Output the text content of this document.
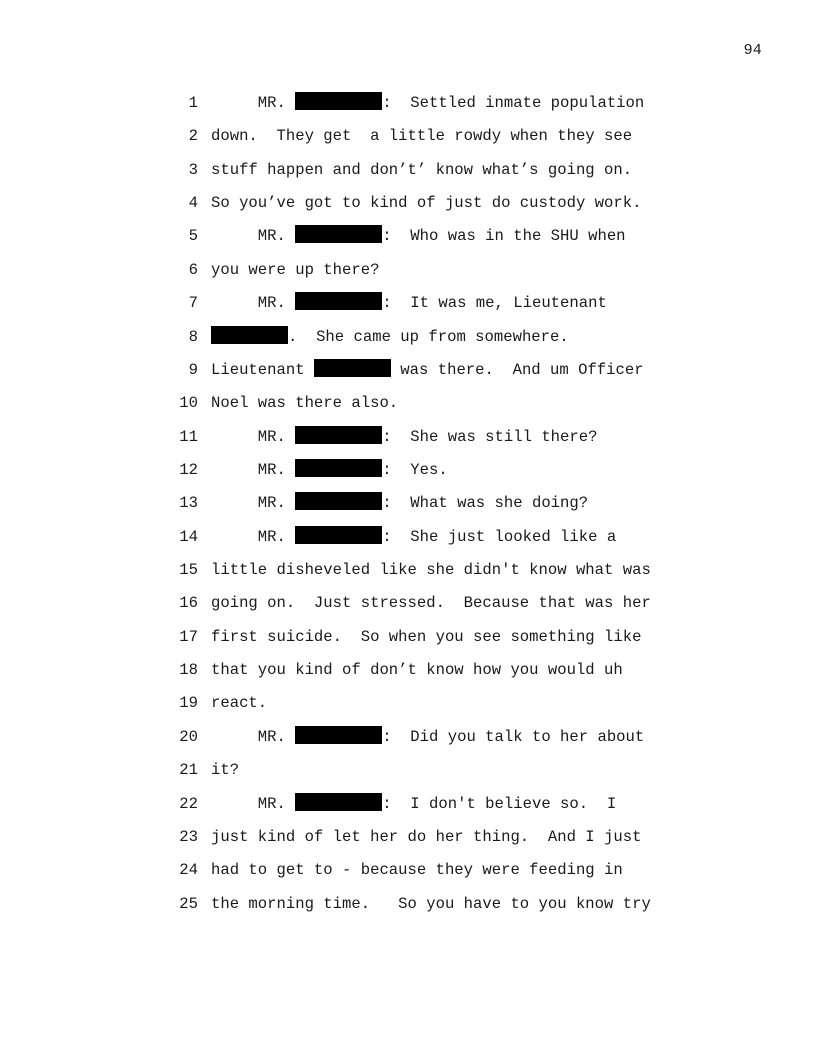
94
1 MR.	:  Settled inmate population
2 down.  They get  a little rowdy when they see
3 stuff happen and don’t’ know what’s going on.
4 So you’ve got to kind of just do custody work.
5 MR.	:  Who was in the SHU when
6 you were up there?
7 MR.	:  It was me, Lieutenant
8	.  She came up from somewhere.
9 Lieutenant	was there.  And um Officer
10 Noel was there also.
11 MR.	:  She was still there?
12 MR.	:  Yes.
13 MR.	:  What was she doing?
14 MR.	:  She just looked like a
15 little disheveled like she didn't know what was
16 going on.  Just stressed.  Because that was her
17 first suicide.  So when you see something like
18 that you kind of don’t know how you would uh
19 react.
20 MR.	:  Did you talk to her about
21 it?
22 MR.	:  I don't believe so.  I
23 just kind of let her do her thing.  And I just
24 had to get to - because they were feeding in
25 the morning time.   So you have to you know try
